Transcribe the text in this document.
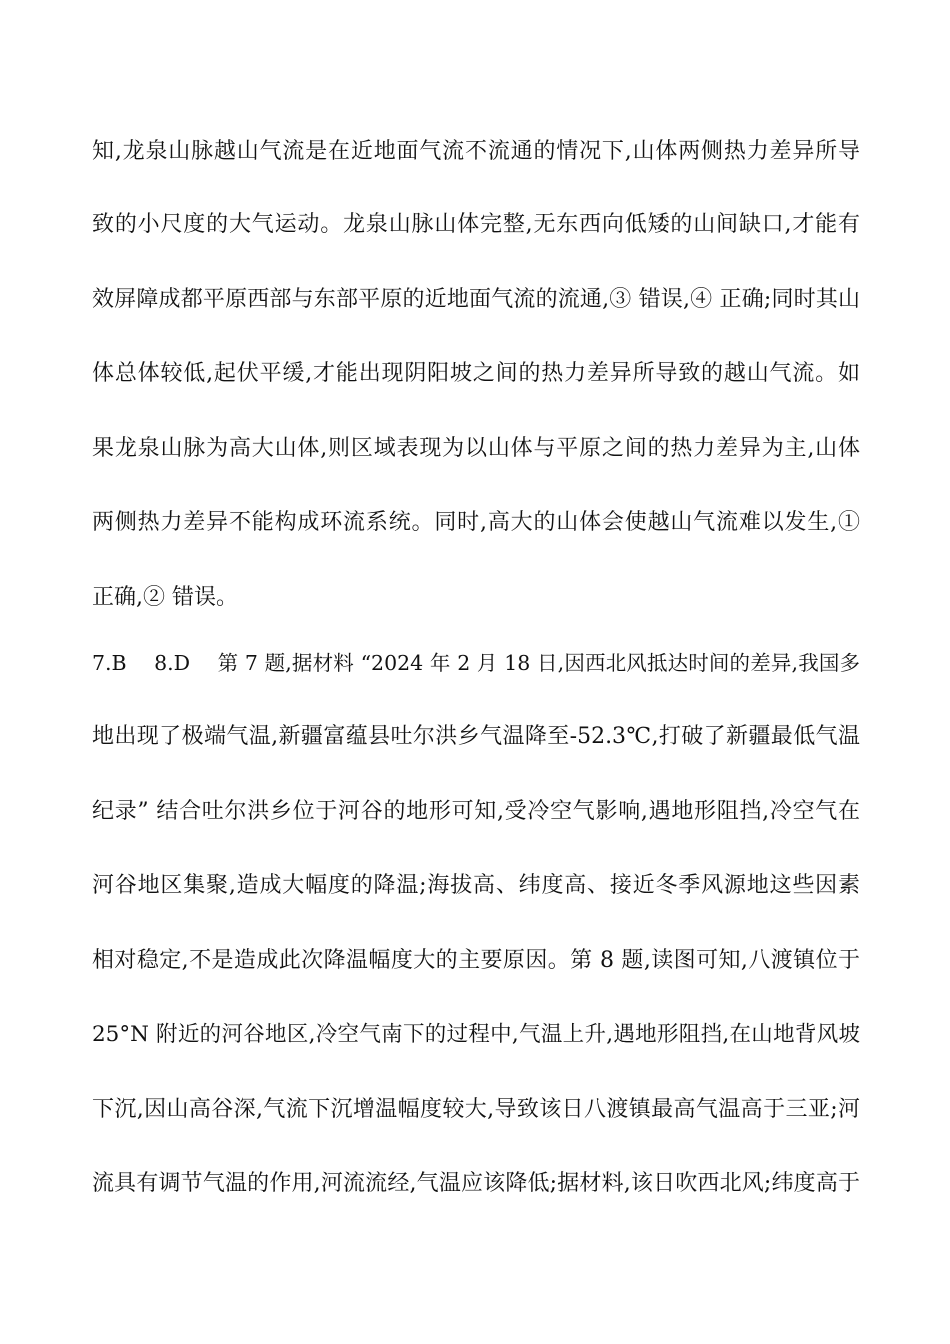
知,龙泉山脉越山气流是在近地面气流不流通的情况下,山体两侧热力差异所导
致的小尺度的大气运动。龙泉山脉山体完整,无东西向低矮的山间缺口,才能有
效屏障成都平原西部与东部平原的近地面气流的流通,③ 错误,④ 正确;同时其山
体总体较低,起伏平缓,才能出现阴阳坡之间的热力差异所导致的越山气流。如
果龙泉山脉为高大山体,则区域表现为以山体与平原之间的热力差异为主,山体
两侧热力差异不能构成环流系统。同时,高大的山体会使越山气流难以发生,①
正确,② 错误。
7.B　 8.D　 第 7 题,据材料 “2024 年 2 月 18 日,因西北风抵达时间的差异,我国多
地出现了极端气温,新疆富蕴县吐尔洪乡气温降至-52.3℃,打破了新疆最低气温
纪录” 结合吐尔洪乡位于河谷的地形可知,受冷空气影响,遇地形阻挡,冷空气在
河谷地区集聚,造成大幅度的降温;海拔高、纬度高、接近冬季风源地这些因素
相对稳定,不是造成此次降温幅度大的主要原因。第 8 题,读图可知,八渡镇位于
25°N 附近的河谷地区,冷空气南下的过程中,气温上升,遇地形阻挡,在山地背风坡
下沉,因山高谷深,气流下沉增温幅度较大,导致该日八渡镇最高气温高于三亚;河
流具有调节气温的作用,河流流经,气温应该降低;据材料,该日吹西北风;纬度高于
